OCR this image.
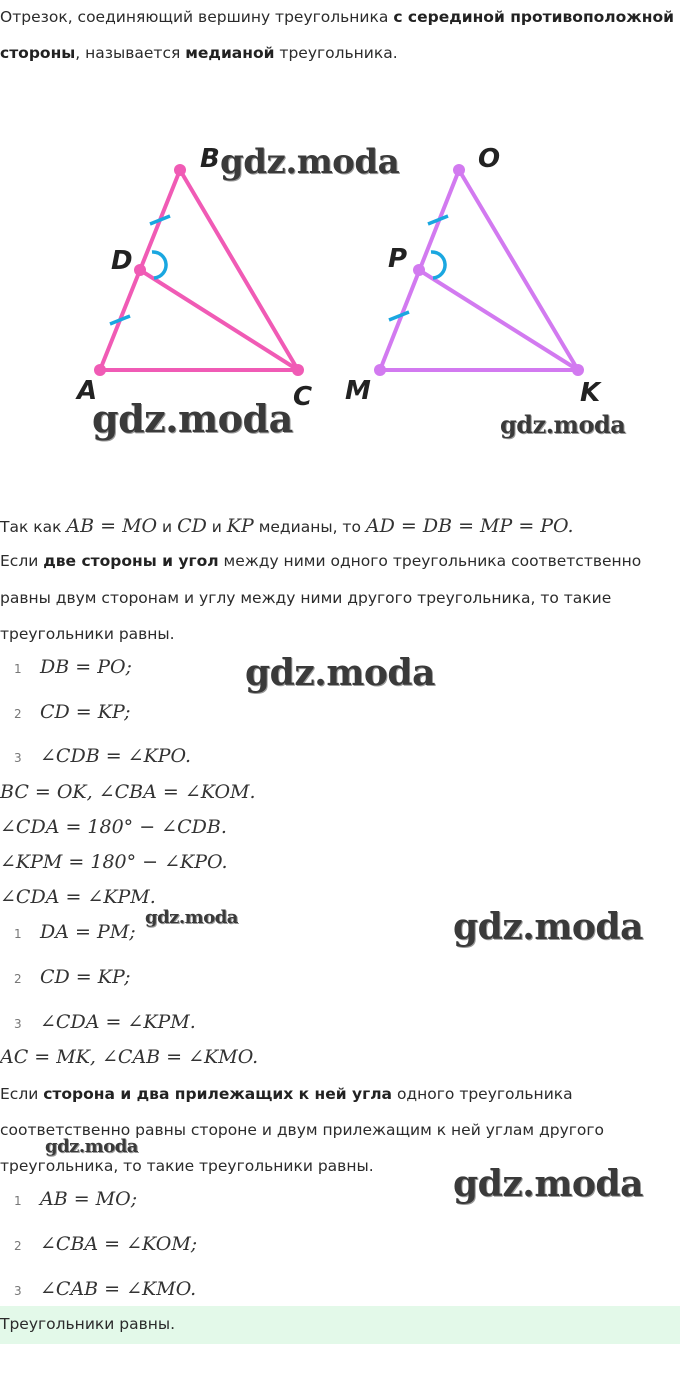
Отрезок, соединяющий вершину треугольника с серединой противоположной
стороны, называется медианой треугольника.
B
D
A	C
O
P
M	K
gdz.moda
gdz.moda	gdz.moda
gdz.moda
gdz.moda	gdz.moda
gdz.moda
gdz.moda
Так как AB = MO и CD и KP медианы, то AD = DB = MP = PO.
Если две стороны и угол между ними одного треугольника соответственно
равны двум сторонам и углу между ними другого треугольника, то такие
треугольники равны.
1 DB = PO;
2 CD = KP;
3 ∠CDB = ∠KPO.
BC = OK, ∠CBA = ∠KOM.
∠CDA = 180° − ∠CDB.
∠KPM = 180° − ∠KPO.
∠CDA = ∠KPM.
1 DA = PM;
2 CD = KP;
3 ∠CDA = ∠KPM.
AC = MK, ∠CAB = ∠KMO.
Если сторона и два прилежащих к ней угла одного треугольника
соответственно равны стороне и двум прилежащим к ней углам другого
треугольника, то такие треугольники равны.
1 AB = MO;
2 ∠CBA = ∠KOM;
3 ∠CAB = ∠KMO.
Треугольники равны.
